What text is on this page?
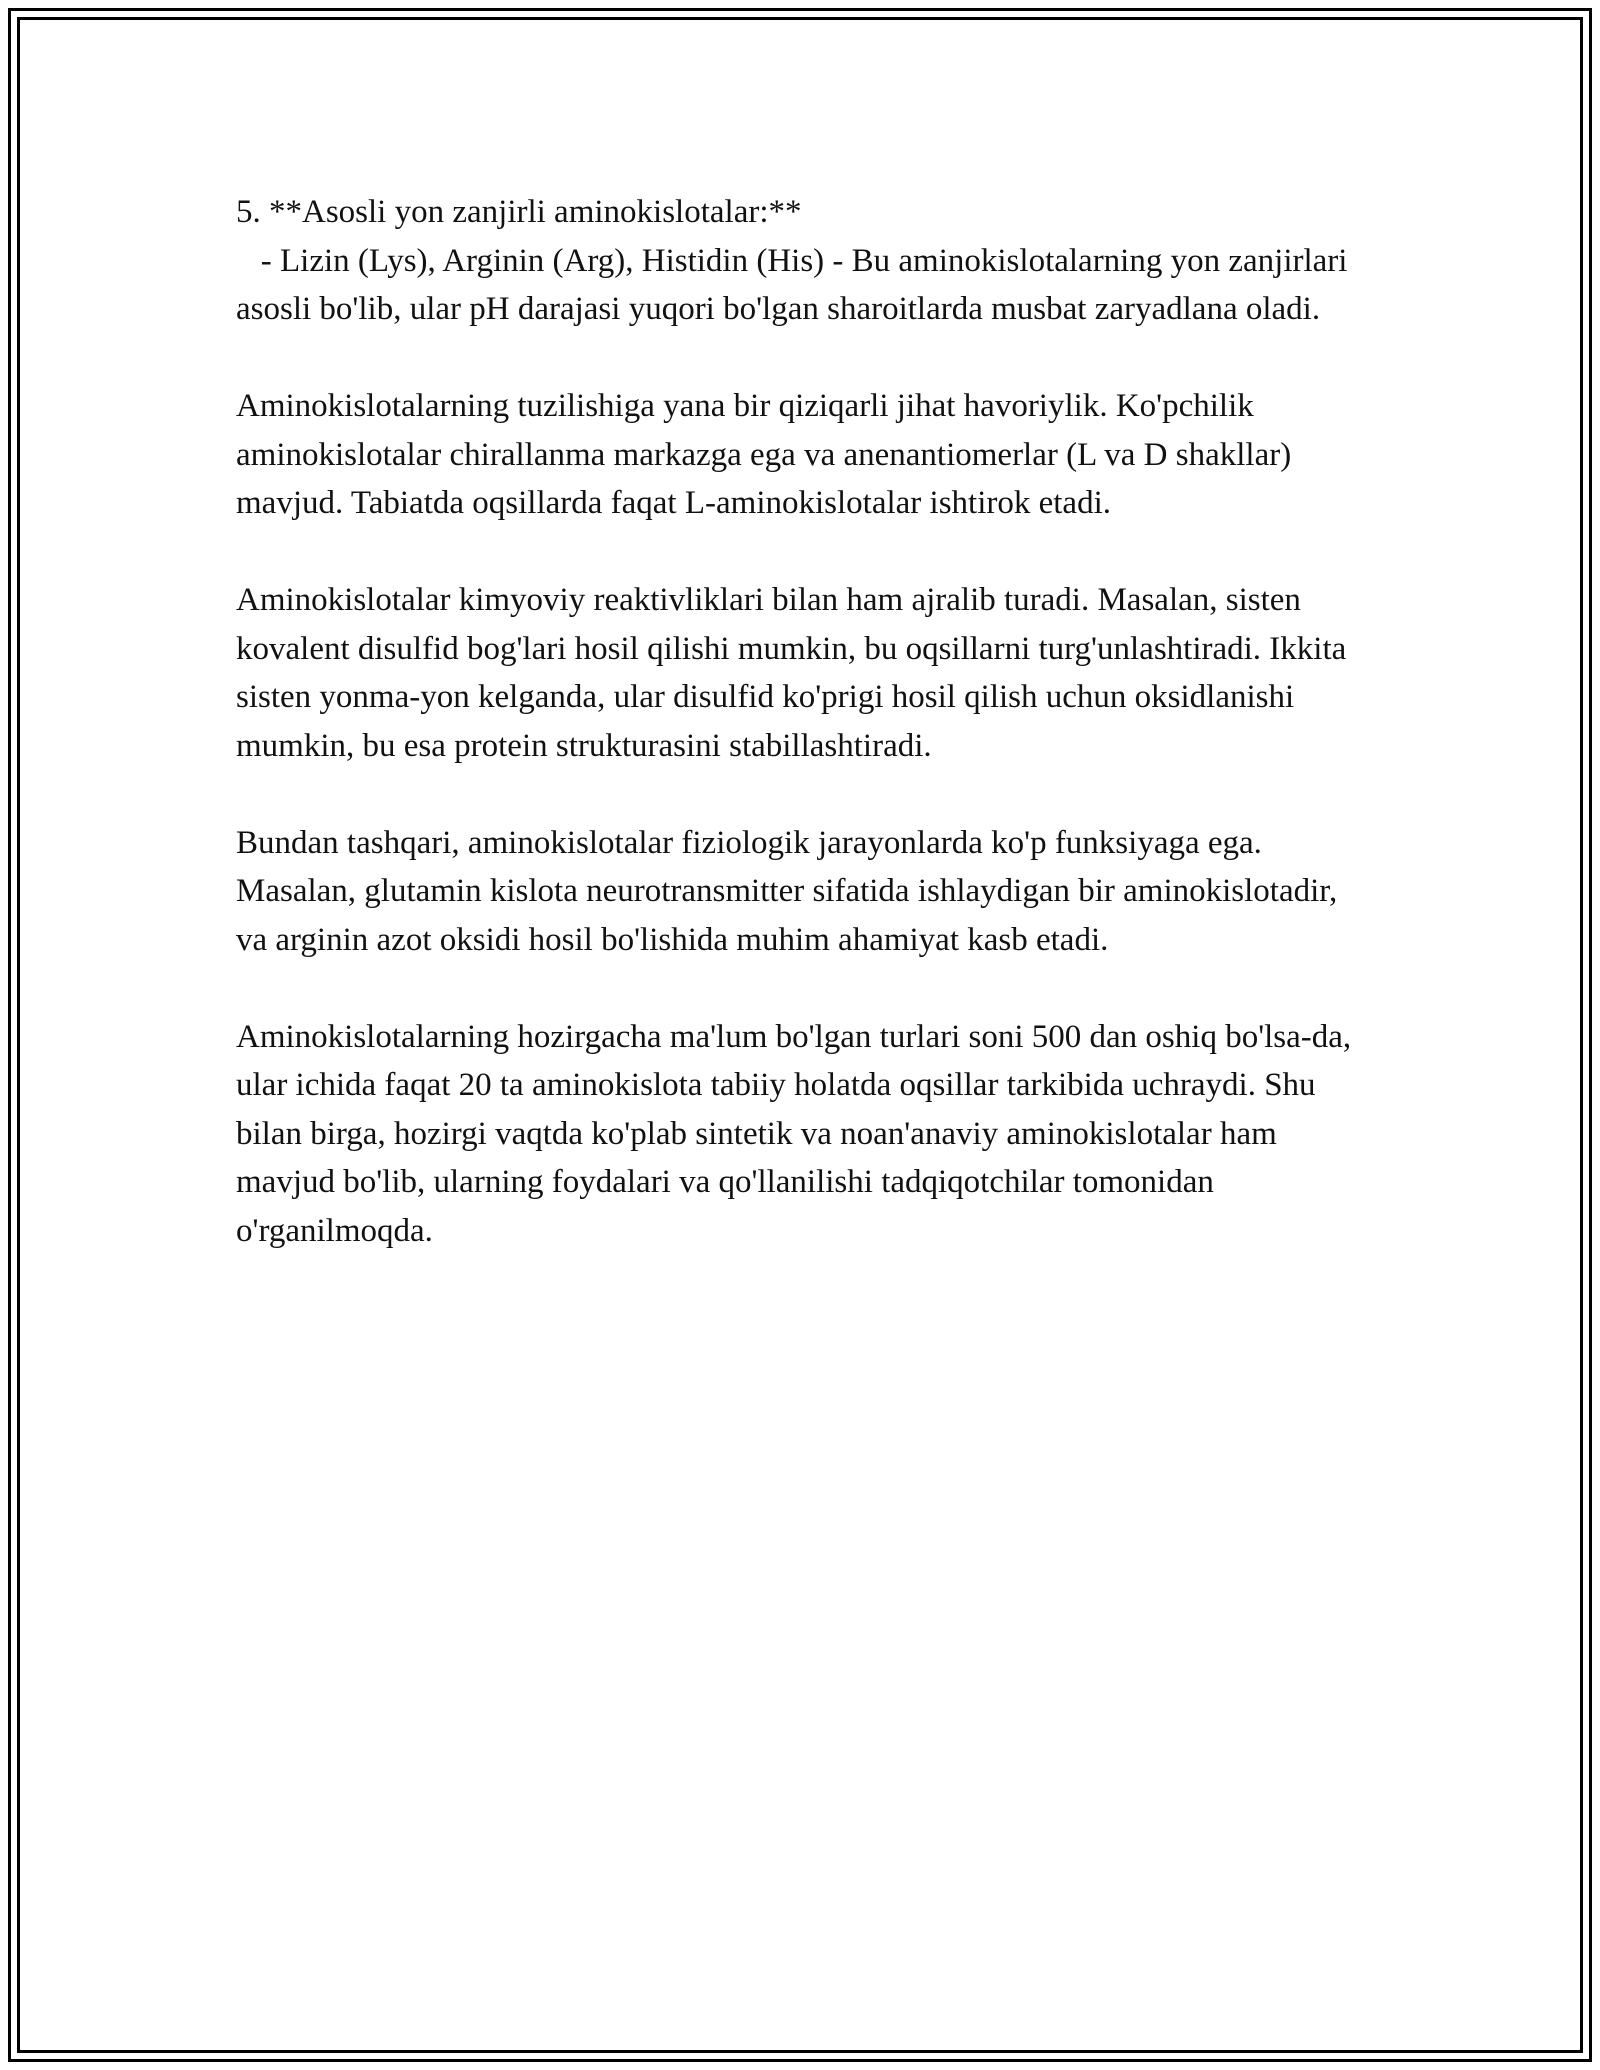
5. **Asosli yon zanjirli aminokislotalar:**

- Lizin (Lys), Arginin (Arg), Histidin (His) - Bu aminokislotalarning yon zanjirlari asosli bo'lib, ular pH darajasi yuqori bo'lgan sharoitlarda musbat zaryadlana oladi.

Aminokislotalarning tuzilishiga yana bir qiziqarli jihat havoriylik. Ko'pchilik aminokislotalar chirallanma markazga ega va anenantiomerlar (L va D shakllar) mavjud. Tabiatda oqsillarda faqat L-aminokislotalar ishtirok etadi.

Aminokislotalar kimyoviy reaktivliklari bilan ham ajralib turadi. Masalan, sisten kovalent disulfid bog'lari hosil qilishi mumkin, bu oqsillarni turg'unlashtiradi. Ikkita sisten yonma-yon kelganda, ular disulfid ko'prigi hosil qilish uchun oksidlanishi mumkin, bu esa protein strukturasini stabillashtiradi.

Bundan tashqari, aminokislotalar fiziologik jarayonlarda ko'p funksiyaga ega. Masalan, glutamin kislota neurotransmitter sifatida ishlaydigan bir aminokislotadir, va arginin azot oksidi hosil bo'lishida muhim ahamiyat kasb etadi.

Aminokislotalarning hozirgacha ma'lum bo'lgan turlari soni 500 dan oshiq bo'lsa-da, ular ichida faqat 20 ta aminokislota tabiiy holatda oqsillar tarkibida uchraydi. Shu bilan birga, hozirgi vaqtda ko'plab sintetik va noan'anaviy aminokislotalar ham mavjud bo'lib, ularning foydalari va qo'llanilishi tadqiqotchilar tomonidan o'rganilmoqda.
